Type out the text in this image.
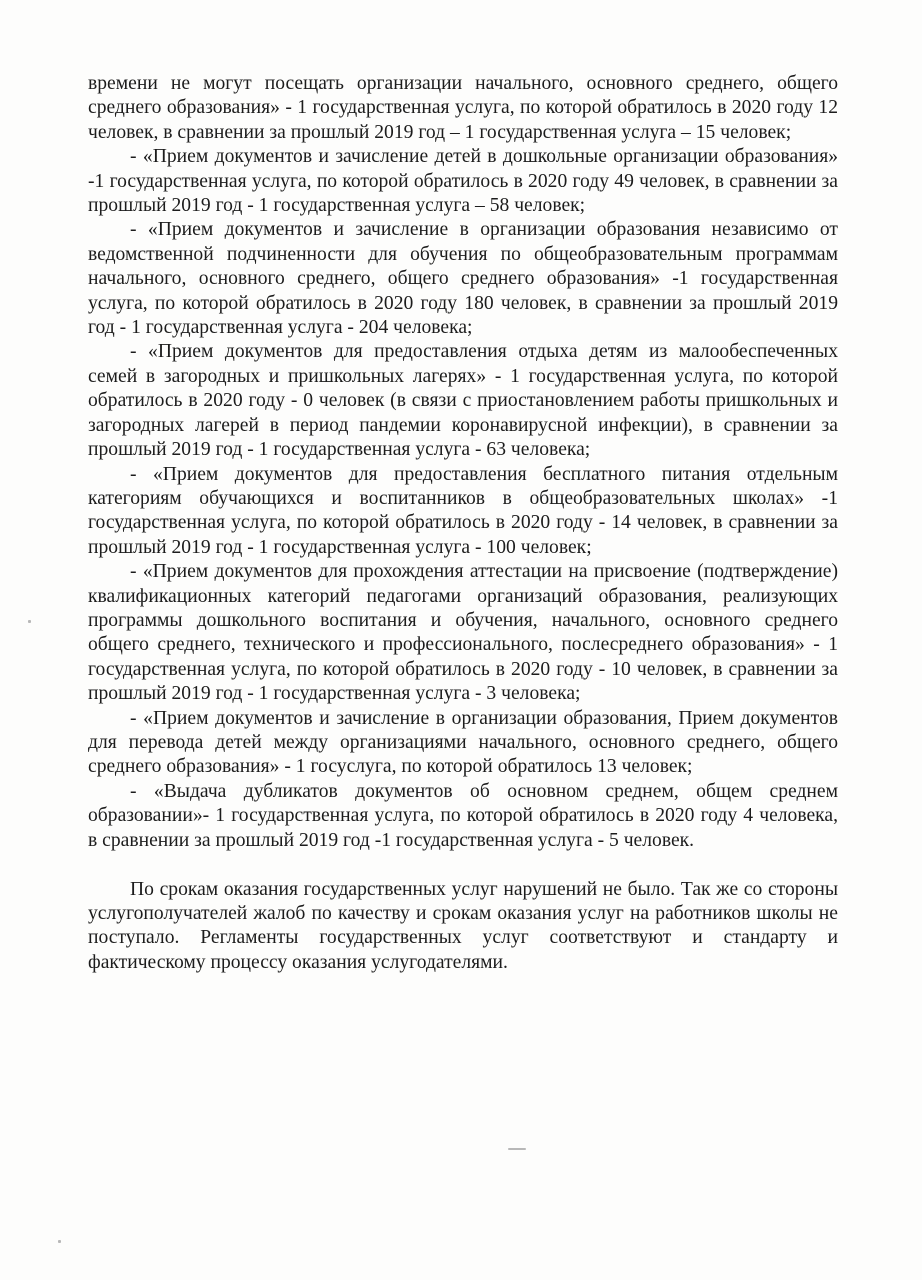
времени не могут посещать организации начального, основного среднего, общего среднего образования» - 1 государственная услуга, по которой обратилось в 2020 году 12 человек, в сравнении за прошлый 2019 год – 1 государственная услуга – 15 человек;

- «Прием документов и зачисление детей в дошкольные организации образования» -1 государственная услуга, по которой обратилось в 2020 году 49 человек, в сравнении за прошлый 2019 год - 1 государственная услуга – 58 человек;

- «Прием документов и зачисление в организации образования независимо от ведомственной подчиненности для обучения по общеобразовательным программам начального, основного среднего, общего среднего образования» -1 государственная услуга, по которой обратилось в 2020 году 180 человек, в сравнении за прошлый 2019 год - 1 государственная услуга - 204 человека;

- «Прием документов для предоставления отдыха детям из малообеспеченных семей в загородных и пришкольных лагерях» - 1 государственная услуга, по которой обратилось в 2020 году - 0 человек (в связи с приостановлением работы пришкольных и загородных лагерей в период пандемии коронавирусной инфекции), в сравнении за прошлый 2019 год - 1 государственная услуга - 63 человека;

- «Прием документов для предоставления бесплатного питания отдельным категориям обучающихся и воспитанников в общеобразовательных школах» -1 государственная услуга, по которой обратилось в 2020 году - 14 человек, в сравнении за прошлый 2019 год - 1 государственная услуга - 100 человек;

- «Прием документов для прохождения аттестации на присвоение (подтверждение) квалификационных категорий педагогами организаций образования, реализующих программы дошкольного воспитания и обучения, начального, основного среднего общего среднего, технического и профессионального, послесреднего образования» - 1 государственная услуга, по которой обратилось в 2020 году - 10 человек, в сравнении за прошлый 2019 год - 1 государственная услуга - 3 человека;

- «Прием документов и зачисление в организации образования, Прием документов для перевода детей между организациями начального, основного среднего, общего среднего образования» - 1 госуслуга, по которой обратилось 13 человек;

- «Выдача дубликатов документов об основном среднем, общем среднем образовании»- 1 государственная услуга, по которой обратилось в 2020 году 4 человека, в сравнении за прошлый 2019 год -1 государственная услуга - 5 человек.

По срокам оказания государственных услуг нарушений не было. Так же со стороны услугополучателей жалоб по качеству и срокам оказания услуг на работников школы не поступало. Регламенты государственных услуг соответствуют и стандарту и фактическому процессу оказания услугодателями.
